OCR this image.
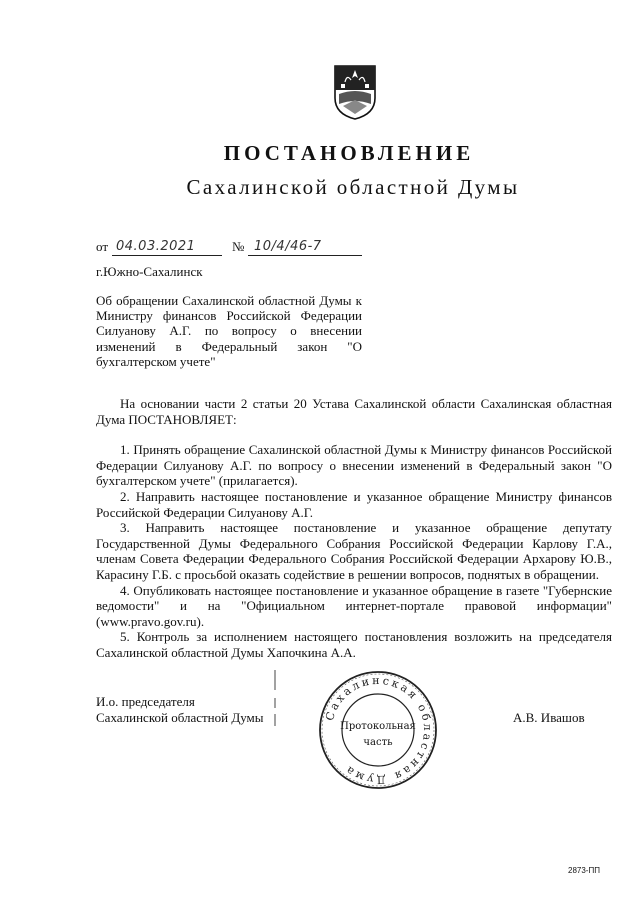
ПОСТАНОВЛЕНИЕ
Сахалинской областной Думы
от 04.03.2021	№ 10/4/46-7
г.Южно-Сахалинск
Об обращении Сахалинской областной Думы к Министру финансов Российской Федерации Силуанову А.Г. по вопросу о внесении изменений в Федеральный закон "О бухгалтерском учете"

На основании части 2 статьи 20 Устава Сахалинской области Сахалинская областная Дума ПОСТАНОВЛЯЕТ:

1. Принять обращение Сахалинской областной Думы к Министру финансов Российской Федерации Силуанову А.Г. по вопросу о внесении изменений в Федеральный закон "О бухгалтерском учете" (прилагается).

2. Направить настоящее постановление и указанное обращение Министру финансов Российской Федерации Силуанову А.Г.

3. Направить настоящее постановление и указанное обращение депутату Государственной Думы Федерального Собрания Российской Федерации Карлову Г.А., членам Совета Федерации Федерального Собрания Российской Федерации Архарову Ю.В., Карасину Г.Б. с просьбой оказать содействие в решении вопросов, поднятых в обращении.

4. Опубликовать настоящее постановление и указанное обращение в газете "Губернские ведомости" и на "Официальном интернет-портале правовой информации" (www.pravo.gov.ru).

5. Контроль за исполнением настоящего постановления возложить на председателя Сахалинской областной Думы Хапочкина А.А.

И.о. председателя
Сахалинской областной Думы	Сахалинская областная Дума
Протокольная
часть
А.В. Ивашов
2873-ПП
